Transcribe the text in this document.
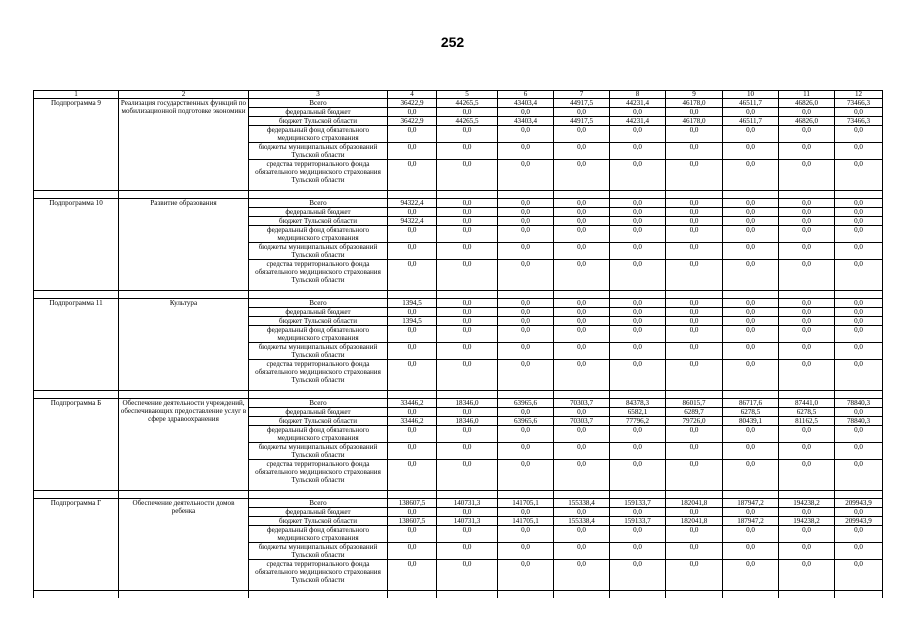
252
1	2	3	4	5	6	7	8	9	10	11	12
Подпрограмма 9	Реализация государственных функций по мобилизационной подготовке экономики	Всего	36422,9	44265,5	43403,4	44917,5	44231,4	46178,0	46511,7	46826,0	73466,3
		федеральный бюджет	0,0	0,0	0,0	0,0	0,0	0,0	0,0	0,0	0,0
		бюджет Тульской области	36422,9	44265,5	43403,4	44917,5	44231,4	46178,0	46511,7	46826,0	73466,3
		федеральный фонд обязательного медицинского страхования	0,0	0,0	0,0	0,0	0,0	0,0	0,0	0,0	0,0
		бюджеты муниципальных образований Тульской области	0,0	0,0	0,0	0,0	0,0	0,0	0,0	0,0	0,0
		средства территориального фонда обязательного медицинского страхования Тульской области	0,0	0,0	0,0	0,0	0,0	0,0	0,0	0,0	0,0

Подпрограмма 10	Развитие образования	Всего	94322,4	0,0	0,0	0,0	0,0	0,0	0,0	0,0	0,0
		федеральный бюджет	0,0	0,0	0,0	0,0	0,0	0,0	0,0	0,0	0,0
		бюджет Тульской области	94322,4	0,0	0,0	0,0	0,0	0,0	0,0	0,0	0,0
		федеральный фонд обязательного медицинского страхования	0,0	0,0	0,0	0,0	0,0	0,0	0,0	0,0	0,0
		бюджеты муниципальных образований Тульской области	0,0	0,0	0,0	0,0	0,0	0,0	0,0	0,0	0,0
		средства территориального фонда обязательного медицинского страхования Тульской области	0,0	0,0	0,0	0,0	0,0	0,0	0,0	0,0	0,0

Подпрограмма 11	Культура	Всего	1394,5	0,0	0,0	0,0	0,0	0,0	0,0	0,0	0,0
		федеральный бюджет	0,0	0,0	0,0	0,0	0,0	0,0	0,0	0,0	0,0
		бюджет Тульской области	1394,5	0,0	0,0	0,0	0,0	0,0	0,0	0,0	0,0
		федеральный фонд обязательного медицинского страхования	0,0	0,0	0,0	0,0	0,0	0,0	0,0	0,0	0,0
		бюджеты муниципальных образований Тульской области	0,0	0,0	0,0	0,0	0,0	0,0	0,0	0,0	0,0
		средства территориального фонда обязательного медицинского страхования Тульской области	0,0	0,0	0,0	0,0	0,0	0,0	0,0	0,0	0,0

Подпрограмма Б	Обеспечение деятельности учреждений, обеспечивающих предоставление услуг в сфере здравоохранения	Всего	33446,2	18346,0	63965,6	70303,7	84378,3	86015,7	86717,6	87441,0	78840,3
		федеральный бюджет	0,0	0,0	0,0	0,0	6582,1	6289,7	6278,5	6278,5	0,0
		бюджет Тульской области	33446,2	18346,0	63965,6	70303,7	77796,2	79726,0	80439,1	81162,5	78840,3
		федеральный фонд обязательного медицинского страхования	0,0	0,0	0,0	0,0	0,0	0,0	0,0	0,0	0,0
		бюджеты муниципальных образований Тульской области	0,0	0,0	0,0	0,0	0,0	0,0	0,0	0,0	0,0
		средства территориального фонда обязательного медицинского страхования Тульской области	0,0	0,0	0,0	0,0	0,0	0,0	0,0	0,0	0,0

Подпрограмма Г	Обеспечение деятельности домов ребенка	Всего	138607,5	140731,3	141705,1	155338,4	159133,7	182041,8	187947,2	194238,2	209943,9
		федеральный бюджет	0,0	0,0	0,0	0,0	0,0	0,0	0,0	0,0	0,0
		бюджет Тульской области	138607,5	140731,3	141705,1	155338,4	159133,7	182041,8	187947,2	194238,2	209943,9
		федеральный фонд обязательного медицинского страхования	0,0	0,0	0,0	0,0	0,0	0,0	0,0	0,0	0,0
		бюджеты муниципальных образований Тульской области	0,0	0,0	0,0	0,0	0,0	0,0	0,0	0,0	0,0
		средства территориального фонда обязательного медицинского страхования Тульской области	0,0	0,0	0,0	0,0	0,0	0,0	0,0	0,0	0,0
